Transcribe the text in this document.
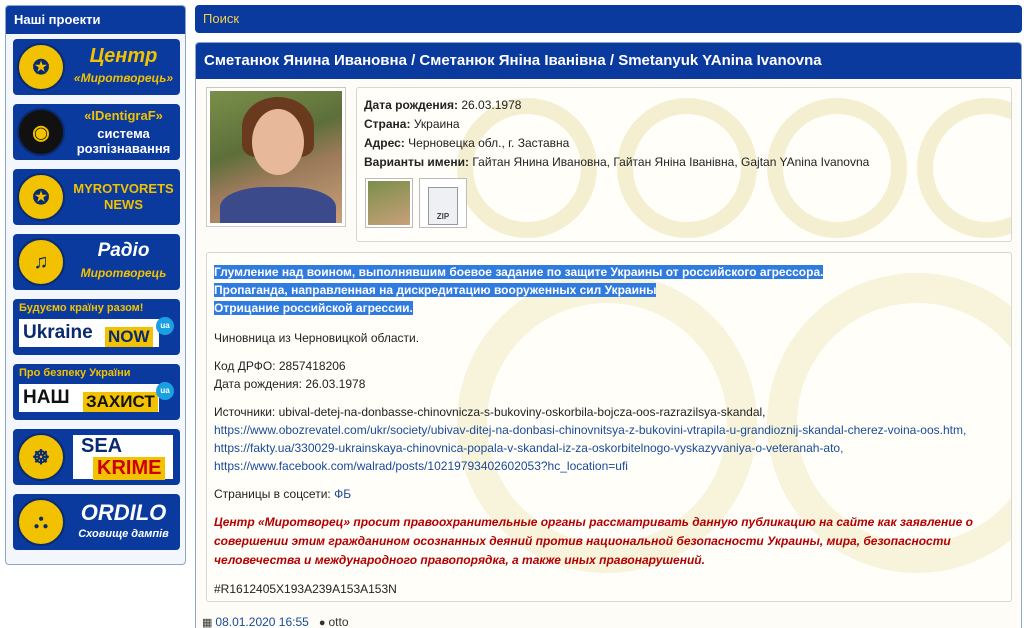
Наші проекти
✪
Центр
«Миротворець»
◉
«IDentigraF»
система розпізнавання
✪	MYROTVORETS
NEWS
♫	Радіо
Миротворець
Будуємо країну разом!
Ukraine NOW
ua
Про безпеку України
НАШ ЗАХИСТ
ua
☸
SEA
KRIME
⛬	ORDILO
Сховище дампів
Поиск
Сметанюк Янина Ивановна / Сметанюк Яніна Іванівна / Smetanyuk YAnina Ivanovna
Дата рождения: 26.03.1978
Страна: Украина
Адрес: Черновецка обл., г. Заставна
Варианты имени: Гайтан Янина Ивановна, Гайтан Яніна Іванівна, Gajtan YAnina Ivanovna
ZIP

Глумление над воином, выполнявшим боевое задание по защите Украины от российского агрессора.
Пропаганда, направленная на дискредитацию вооруженных сил Украины
Отрицание российской агрессии.

Чиновница из Черновицкой области.

Код ДРФО: 2857418206
Дата рождения: 26.03.1978

Источники: ubival-detej-na-donbasse-chinovnicza-s-bukoviny-oskorbila-bojcza-oos-razrazilsya-skandal, https://www.obozrevatel.com/ukr/society/ubivav-ditej-na-donbasi-chinovnitsya-z-bukovini-vtrapila-u-grandioznij-skandal-cherez-voina-oos.htm, https://fakty.ua/330029-ukrainskaya-chinovnica-popala-v-skandal-iz-za-oskorbitelnogo-vyskazyvaniya-o-veteranah-ato,
https://www.facebook.com/walrad/posts/10219793402602053?hc_location=ufi

Страницы в соцсети: ФБ

Центр «Миротворец» просит правоохранительные органы рассматривать данную публикацию на сайте как заявление о совершении этим гражданином осознанных деяний против национальной безопасности Украины, мира, безопасности человечества и международного правопорядка, а также иных правонарушений.

#R1612405X193A239A153A153N

▦ 08.01.2020 16:55 ● otto
